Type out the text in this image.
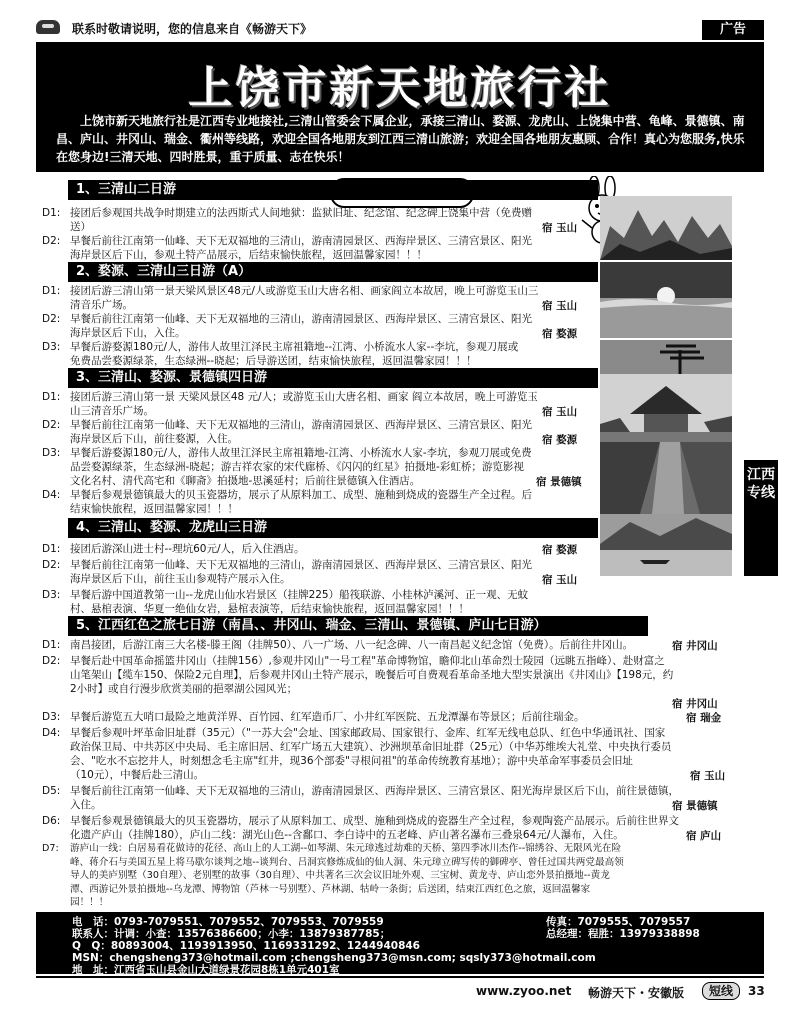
联系时敬请说明，您的信息来自《畅游天下》	广告
上饶市新天地旅行社
上饶市新天地旅行社是江西专业地接社,三清山管委会下属企业，承接三清山、婺源、龙虎山、上饶集中营、龟峰、景德镇、南昌、庐山、井冈山、瑞金、衢州等线路，欢迎全国各地朋友到江西三清山旅游；欢迎全国各地朋友惠顾、合作！真心为您服务,快乐在您身边!三清天地、四时胜景，重于质量、志在快乐！
江西专线
1、三清山二日游
D1: 接团后参观国共战争时期建立的法西斯式人间地狱：监狱旧址、纪念馆、纪念碑上饶集中营（免费赠
送）	宿 玉山
D2: 早餐后前往江南第一仙峰、天下无双福地的三清山，游南清园景区、西海岸景区、三清宫景区、阳光
海岸景区后下山，参观土特产品展示，后结束愉快旅程，返回温馨家园！！！
2、婺源、三清山三日游（A）
D1: 接团后游三清山第一景天梁风景区48元/人或游览玉山大唐名相、画家阎立本故居，晚上可游览玉山三
清音乐广场。	宿 玉山
D2: 早餐后前往江南第一仙峰、天下无双福地的三清山，游南清园景区、西海岸景区、三清宫景区、阳光
海岸景区后下山，入住。	宿 婺源
D3: 早餐后游婺源180元/人，游伟人故里江泽民主席祖籍地--江湾、小桥流水人家--李坑，参观刀展或
免费品尝婺源绿茶，生态绿洲--晓起；后导游送团，结束愉快旅程，返回温馨家园！！！
3、三清山、婺源、景德镇四日游
D1: 接团后游三清山第一景 天梁风景区48 元/人；或游览玉山大唐名相、画家 阎立本故居，晚上可游览玉
山三清音乐广场。	宿 玉山
D2: 早餐后前往江南第一仙峰、天下无双福地的三清山，游南清园景区、西海岸景区、三清宫景区、阳光
海岸景区后下山，前往婺源，入住。	宿 婺源
D3: 早餐后游婺源180元/人，游伟人故里江泽民主席祖籍地-江湾、小桥流水人家-李坑，参观刀展或免费
品尝婺源绿茶，生态绿洲-晓起；游吉祥农家的宋代廊桥、《闪闪的红星》拍摄地-彩虹桥；游览影视
文化名村、清代高宅和《聊斋》拍摄地-思溪延村；后前往景德镇入住酒店。	宿 景德镇
D4: 早餐后参观景德镇最大的贝玉瓷器坊，展示了从原料加工、成型、施釉到烧成的瓷器生产全过程。后
结束愉快旅程，返回温馨家园！！！
4、三清山、婺源、龙虎山三日游
D1: 接团后游深山进士村--理坑60元/人，后入住酒店。	宿 婺源
D2: 早餐后前往江南第一仙峰、天下无双福地的三清山，游南清园景区、西海岸景区、三清宫景区、阳光
海岸景区后下山，前往玉山参观特产展示入住。	宿 玉山
D3: 早餐后游中国道教第一山--龙虎山仙水岩景区（挂牌225）船筏联游、小桂林泸溪河、正一观、无蚊
村、悬棺表演、华夏一绝仙女岩，悬棺表演等，后结束愉快旅程，返回温馨家园！！！
5、江西红色之旅七日游（南昌、、井冈山、瑞金、三清山、景德镇、庐山七日游）
D1: 南昌接团，后游江南三大名楼-滕王阁（挂牌50）、八一广场、八一纪念碑、八一南昌起义纪念馆（免费）。后前往井冈山。	宿 井冈山
D2: 早餐后赴中国革命摇篮井冈山（挂牌156）,参观井冈山"一号工程"革命博物馆，瞻仰北山革命烈士陵园（远眺五指峰）、赴财富之
山笔架山【缆车150、保险2元自理】，后参观井冈山土特产展示，晚餐后可自费观看革命圣地大型实景演出《井冈山》【198元，约
2小时】或自行漫步欣赏美丽的挹翠湖公园风光；
宿 井冈山
D3: 早餐后游览五大哨口最险之地黄洋界、百竹园、红军造币厂、小井红军医院、五龙潭瀑布等景区；后前往瑞金。	宿 瑞金
D4: 早餐后参观叶坪革命旧址群（35元）（"一苏大会"会址、国家邮政局、国家银行、金库、红军无线电总队、红色中华通讯社、国家
政治保卫局、中共苏区中央局、毛主席旧居、红军广场五大建筑）、沙洲坝革命旧址群（25元）（中华苏维埃大礼堂、中央执行委员
会、"吃水不忘挖井人，时刻想念毛主席"红井，现36个部委"寻根问祖"的革命传统教育基地）；游中央革命军事委员会旧址
（10元），中餐后赴三清山。	宿 玉山
D5: 早餐后前往江南第一仙峰、天下无双福地的三清山，游南清园景区、西海岸景区、三清宫景区、阳光海岸景区后下山，前往景德镇，
入住。	宿 景德镇
D6: 早餐后参观景德镇最大的贝玉瓷器坊，展示了从原料加工、成型、施釉到烧成的瓷器生产全过程，参观陶瓷产品展示。后前往世界文
化遗产庐山（挂牌180），庐山二线：湖光山色--含鄱口、李白诗中的五老峰、庐山著名瀑布三叠泉64元/人瀑布，入住。	宿 庐山
D7:	游庐山一线：白居易看花做诗的花径、高山上的人工湖--如琴湖、朱元璋逃过劫难的天桥、第四季冰川杰作--锦绣谷、无限风光在险
峰、蒋介石与美国五星上将马歇尔谈判之地--谈判台、吕洞宾修炼成仙的仙人洞、朱元璋立碑写传的御碑亭、曾任过国共两党最高领
导人的美庐别墅（30自理）、老别墅的故事（30自理）、中共著名三次会议旧址外观、三宝树、黄龙寺、庐山恋外景拍摄地--黄龙
潭、西游记外景拍摄地--乌龙潭、博物馆（芦林一号别墅）、芦林湖、牯岭一条街；后送团，结束江西红色之旅，返回温馨家
园！！！
电　话：0793-7079551、7079552、7079553、7079559	传真：7079555、7079557
联系人：计调：小查：13576386600；小李：13879387785；	总经理：程胜：13979338898
Q　Q：80893004、1193913950、1169331292、1244940846
MSN：chengsheng373@hotmail.com ;chengsheng373@msn.com; sqsly373@hotmail.com
地　址：江西省玉山县金山大道绿景花园8栋1单元401室
www.zyoo.net 畅游天下・安徽版	短线	33
